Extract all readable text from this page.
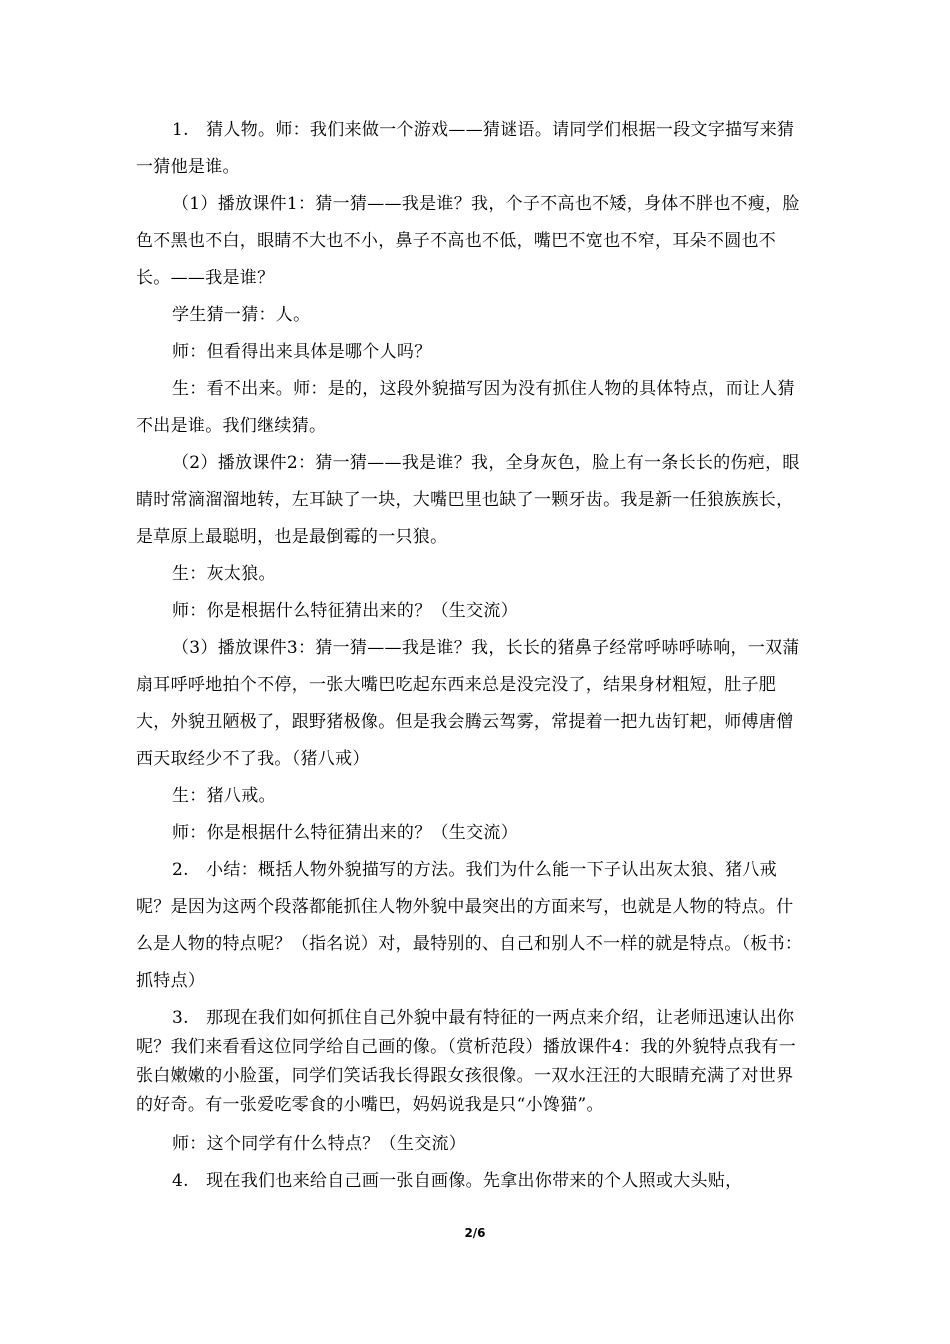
1.　猜人物。师：我们来做一个游戏——猜谜语。请同学们根据一段文字描写来猜一猜他是谁。

（1）播放课件1：猜一猜——我是谁？我，个子不高也不矮，身体不胖也不瘦，脸色不黑也不白，眼睛不大也不小，鼻子不高也不低，嘴巴不宽也不窄，耳朵不圆也不长。——我是谁？

学生猜一猜：人。

师：但看得出来具体是哪个人吗？

生：看不出来。师：是的，这段外貌描写因为没有抓住人物的具体特点，而让人猜不出是谁。我们继续猜。

（2）播放课件2：猜一猜——我是谁？我，全身灰色，脸上有一条长长的伤疤，眼睛时常滴溜溜地转，左耳缺了一块，大嘴巴里也缺了一颗牙齿。我是新一任狼族族长，是草原上最聪明，也是最倒霉的一只狼。

生：灰太狼。

师：你是根据什么特征猜出来的？（生交流）

（3）播放课件3：猜一猜——我是谁？我，长长的猪鼻子经常呼哧呼哧响，一双蒲扇耳呼呼地拍个不停，一张大嘴巴吃起东西来总是没完没了，结果身材粗短，肚子肥大，外貌丑陋极了，跟野猪极像。但是我会腾云驾雾，常提着一把九齿钉耙，师傅唐僧西天取经少不了我。（猪八戒）

生：猪八戒。

师：你是根据什么特征猜出来的？（生交流）

2.　小结：概括人物外貌描写的方法。我们为什么能一下子认出灰太狼、猪八戒呢？是因为这两个段落都能抓住人物外貌中最突出的方面来写，也就是人物的特点。什么是人物的特点呢？（指名说）对，最特别的、自己和别人不一样的就是特点。（板书：抓特点）

3.　那现在我们如何抓住自己外貌中最有特征的一两点来介绍，让老师迅速认出你呢？我们来看看这位同学给自己画的像。（赏析范段）播放课件4：我的外貌特点我有一张白嫩嫩的小脸蛋，同学们笑话我长得跟女孩很像。一双水汪汪的大眼睛充满了对世界的好奇。有一张爱吃零食的小嘴巴，妈妈说我是只“小馋猫”。

师：这个同学有什么特点？（生交流）

4.　现在我们也来给自己画一张自画像。先拿出你带来的个人照或大头贴，

2/6
